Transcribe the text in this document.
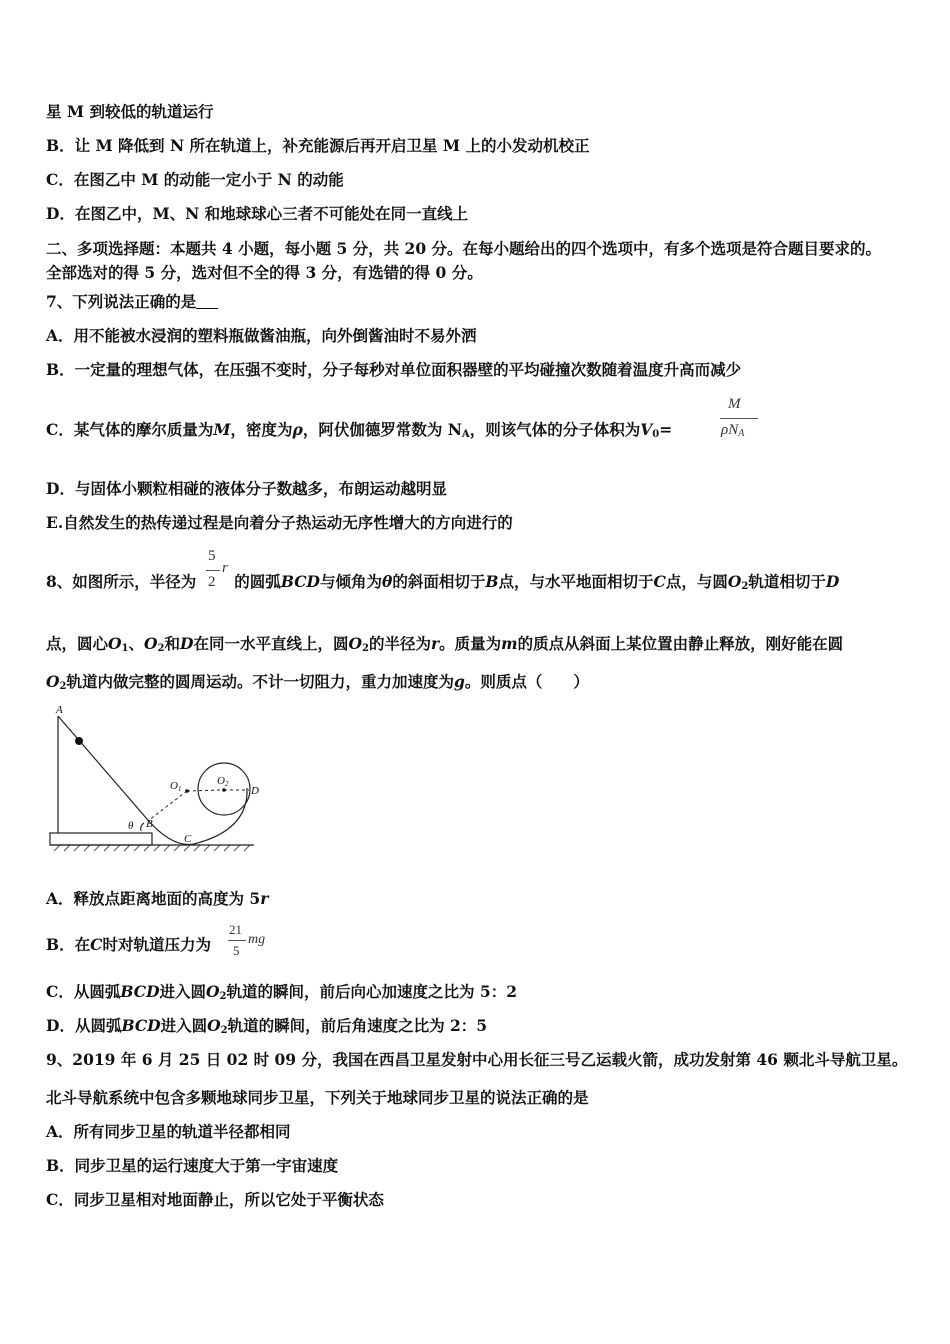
星 M 到较低的轨道运行
B．让 M 降低到 N 所在轨道上，补充能源后再开启卫星 M 上的小发动机校正
C．在图乙中 M 的动能一定小于 N 的动能
D．在图乙中，M、N 和地球球心三者不可能处在同一直线上
二、多项选择题：本题共 4 小题，每小题 5 分，共 20 分。在每小题给出的四个选项中，有多个选项是符合题目要求的。
全部选对的得 5 分，选对但不全的得 3 分，有选错的得 0 分。
7、下列说法正确的是
A．用不能被水浸润的塑料瓶做酱油瓶，向外倒酱油时不易外洒
B．一定量的理想气体，在压强不变时，分子每秒对单位面积器壁的平均碰撞次数随着温度升高而减少
C．某气体的摩尔质量为M，密度为ρ，阿伏伽德罗常数为 $N_A$，则该气体的分子体积为$V_0=$
M
$\rho N_A$
D．与固体小颗粒相碰的液体分子数越多，布朗运动越明显
E.自然发生的热传递过程是向着分子热运动无序性增大的方向进行的
8、如图所示，半径为 的圆弧BCD与倾角为θ的斜面相切于B点，与水平地面相切于C点，与圆$O_2$轨道相切于D
5
2
r
点，圆心$O_1$、$O_2$和D在同一水平直线上，圆$O_2$的半径为r。质量为m的质点从斜面上某位置由静止释放，刚好能在圆
$O_2$轨道内做完整的圆周运动。不计一切阻力，重力加速度为g。则质点（　　）
A
B
C
D
O1
O2
θ
A．释放点距离地面的高度为 5r
B．在C时对轨道压力为
21
5
mg
C．从圆弧BCD进入圆$O_2$轨道的瞬间，前后向心加速度之比为 5：2
D．从圆弧BCD进入圆$O_2$轨道的瞬间，前后角速度之比为 2：5
9、2019 年 6 月 25 日 02 时 09 分，我国在西昌卫星发射中心用长征三号乙运载火箭，成功发射第 46 颗北斗导航卫星。
北斗导航系统中包含多颗地球同步卫星，下列关于地球同步卫星的说法正确的是
A．所有同步卫星的轨道半径都相同
B．同步卫星的运行速度大于第一宇宙速度
C．同步卫星相对地面静止，所以它处于平衡状态
